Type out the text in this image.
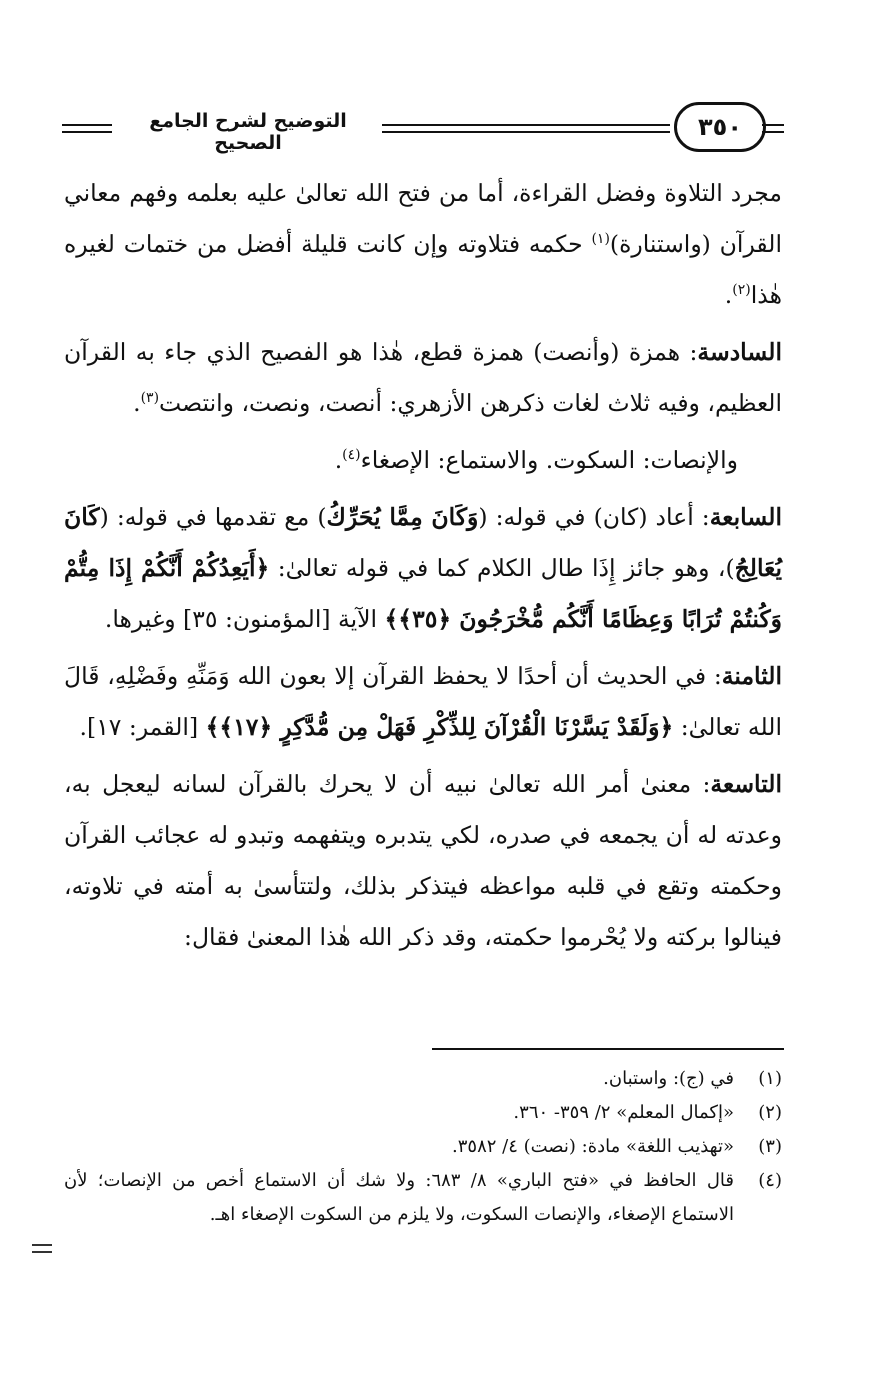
التوضيح لشرح الجامع الصحيح
٣٥٠

مجرد التلاوة وفضل القراءة، أما من فتح الله تعالىٰ عليه بعلمه وفهم معاني القرآن (واستنارة)$^{(١)}$ حكمه فتلاوته وإن كانت قليلة أفضل من ختمات لغيره هٰذا$^{(٢)}$.

السادسة: همزة (وأنصت) همزة قطع، هٰذا هو الفصيح الذي جاء به القرآن العظيم، وفيه ثلاث لغات ذكرهن الأزهري: أنصت، ونصت، وانتصت$^{(٣)}$.

والإنصات: السكوت. والاستماع: الإصغاء$^{(٤)}$.

السابعة: أعاد (كان) في قوله: (وَكَانَ مِمَّا يُحَرِّكُ) مع تقدمها في قوله: (كَانَ يُعَالِجُ)، وهو جائز إِذَا طال الكلام كما في قوله تعالىٰ: ﴿أَيَعِدُكُمْ أَنَّكُمْ إِذَا مِتُّمْ وَكُنتُمْ تُرَابًا وَعِظَامًا أَنَّكُم مُّخْرَجُونَ ﴿٣٥﴾﴾ الآية [المؤمنون: ٣٥] وغيرها.

الثامنة: في الحديث أن أحدًا لا يحفظ القرآن إلا بعون الله وَمَنِّهِ وفَضْلِهِ، قَالَ الله تعالىٰ: ﴿وَلَقَدْ يَسَّرْنَا الْقُرْآنَ لِلذِّكْرِ فَهَلْ مِن مُّدَّكِرٍ ﴿١٧﴾﴾ [القمر: ١٧].

التاسعة: معنىٰ أمر الله تعالىٰ نبيه أن لا يحرك بالقرآن لسانه ليعجل به، وعدته له أن يجمعه في صدره، لكي يتدبره ويتفهمه وتبدو له عجائب القرآن وحكمته وتقع في قلبه مواعظه فيتذكر بذلك، ولتتأسىٰ به أمته في تلاوته، فينالوا بركته ولا يُحْرموا حكمته، وقد ذكر الله هٰذا المعنىٰ فقال:

(١)
في (ج): واستبان.
(٢)
«إكمال المعلم» ٢/ ٣٥٩- ٣٦٠.
(٣)
«تهذيب اللغة» مادة: (نصت) ٤/ ٣٥٨٢.
(٤)
قال الحافظ في «فتح الباري» ٨/ ٦٨٣: ولا شك أن الاستماع أخص من الإنصات؛ لأن الاستماع الإصغاء، والإنصات السكوت، ولا يلزم من السكوت الإصغاء اهـ.
